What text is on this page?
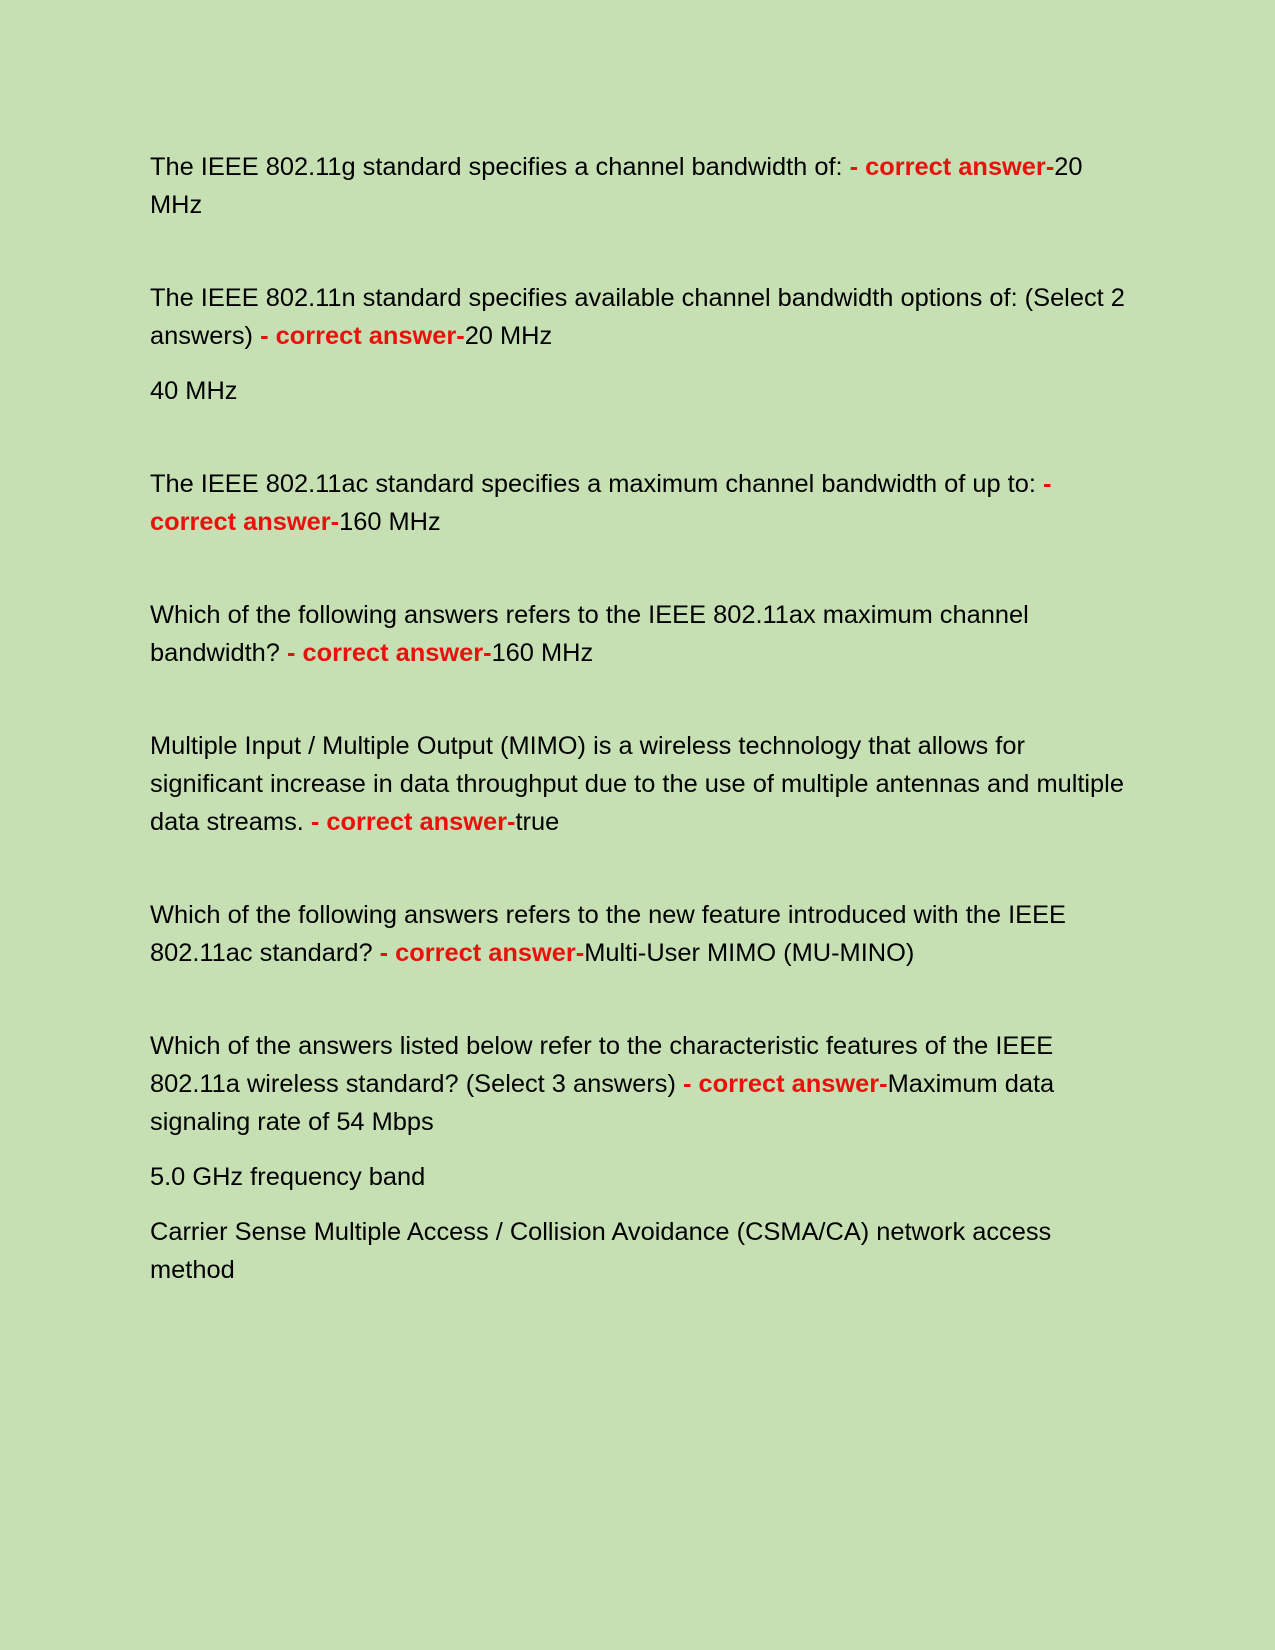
The IEEE 802.11g standard specifies a channel bandwidth of: - correct answer-20 MHz

The IEEE 802.11n standard specifies available channel bandwidth options of: (Select 2 answers) - correct answer-20 MHz

40 MHz

The IEEE 802.11ac standard specifies a maximum channel bandwidth of up to: - correct answer-160 MHz

Which of the following answers refers to the IEEE 802.11ax maximum channel bandwidth? - correct answer-160 MHz

Multiple Input / Multiple Output (MIMO) is a wireless technology that allows for significant increase in data throughput due to the use of multiple antennas and multiple data streams. - correct answer-true

Which of the following answers refers to the new feature introduced with the IEEE 802.11ac standard? - correct answer-Multi-User MIMO (MU-MINO)

Which of the answers listed below refer to the characteristic features of the IEEE 802.11a wireless standard? (Select 3 answers) - correct answer-Maximum data signaling rate of 54 Mbps

5.0 GHz frequency band

Carrier Sense Multiple Access / Collision Avoidance (CSMA/CA) network access method
